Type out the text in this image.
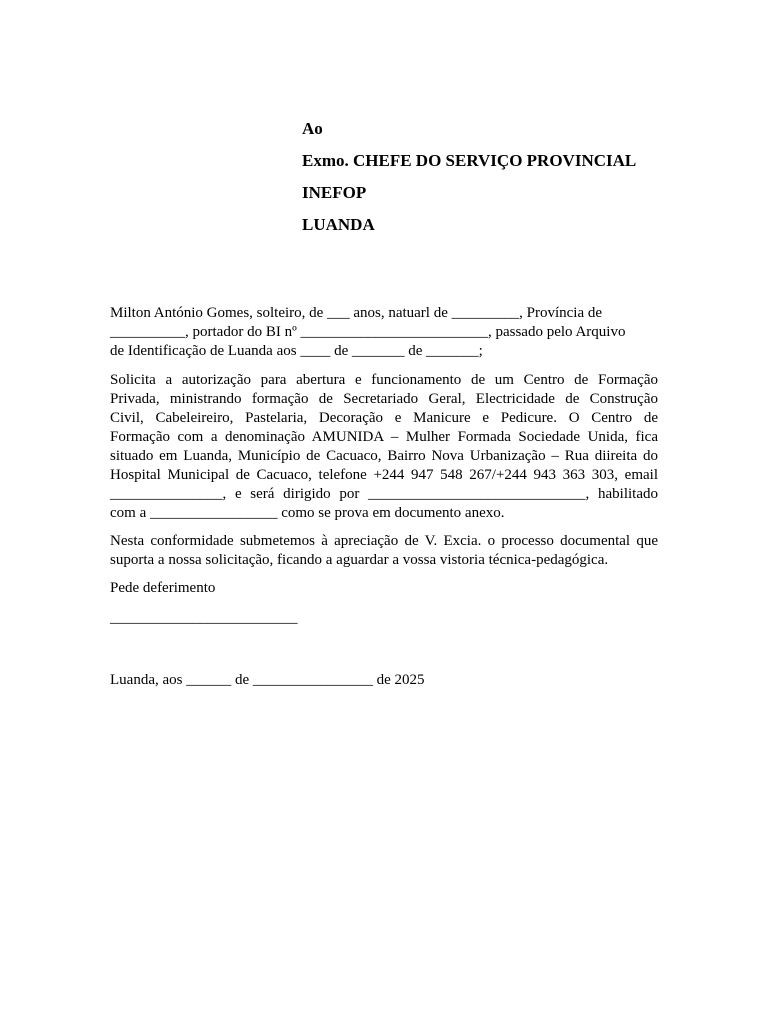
Ao
Exmo. CHEFE DO SERVIÇO PROVINCIAL
INEFOP
LUANDA

Milton António Gomes, solteiro, de ___ anos, natuarl de _________, Província de
__________, portador do BI nº _________________________, passado pelo Arquivo
de Identificação de Luanda aos ____ de _______ de _______;

Solicita a autorização para abertura e funcionamento de um Centro de Formação
Privada, ministrando formação de Secretariado Geral, Electricidade de Construção
Civil, Cabeleireiro, Pastelaria, Decoração e Manicure e Pedicure. O Centro de
Formação com a denominação AMUNIDA – Mulher Formada Sociedade Unida, fica
situado em Luanda, Município de Cacuaco, Bairro Nova Urbanização – Rua diireita do
Hospital Municipal de Cacuaco, telefone +244 947 548 267/+244 943 363 303, email
_______________, e será dirigido por _____________________________, habilitado
com a _________________ como se prova em documento anexo.

Nesta conformidade submetemos à apreciação de V. Excia. o processo documental que
suporta a nossa solicitação, ficando a aguardar a vossa vistoria técnica-pedagógica.

Pede deferimento

_________________________

Luanda, aos ______ de ________________ de 2025
